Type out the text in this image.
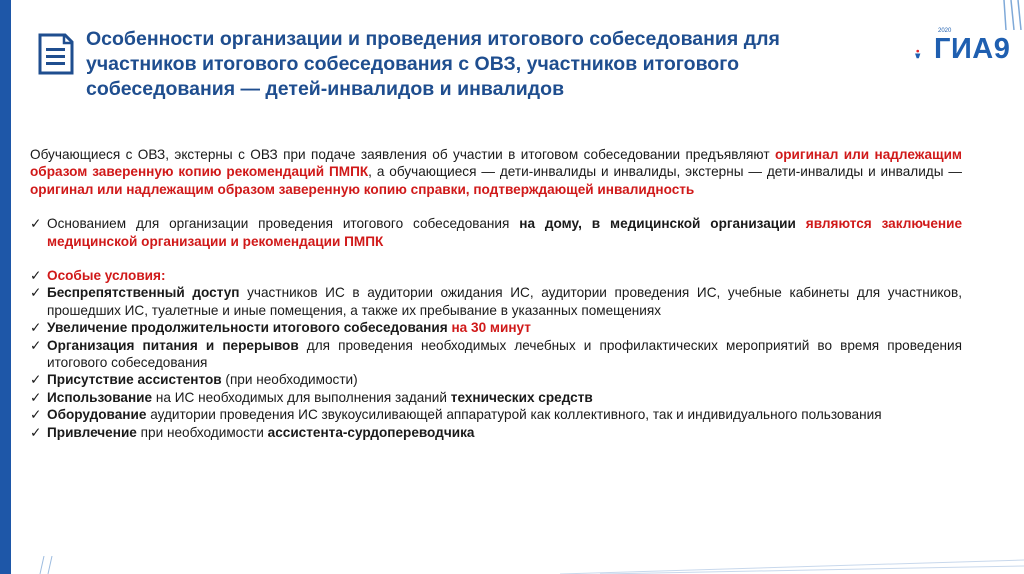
Особенности организации и проведения итогового собеседования для участников итогового собеседования с ОВЗ, участников итогового собеседования — детей-инвалидов и инвалидов
2020
ГИА9

Обучающиеся с ОВЗ, экстерны с ОВЗ при подаче заявления об участии в итоговом собеседовании предъявляют оригинал или надлежащим образом заверенную копию рекомендаций ПМПК, а обучающиеся — дети-инвалиды и инвалиды, экстерны — дети-инвалиды и инвалиды — оригинал или надлежащим образом заверенную копию справки, подтверждающей инвалидность

✓ Основанием для организации проведения итогового собеседования на дому, в медицинской организации являются заключение медицинской организации и рекомендации ПМПК
✓ Особые условия:
✓ Беспрепятственный доступ участников ИС в аудитории ожидания ИС, аудитории проведения ИС, учебные кабинеты для участников, прошедших ИС, туалетные и иные помещения, а также их пребывание в указанных помещениях
✓ Увеличение продолжительности итогового собеседования на 30 минут
✓ Организация питания и перерывов для проведения необходимых лечебных и профилактических мероприятий во время проведения итогового собеседования
✓ Присутствие ассистентов (при необходимости)
✓ Использование на ИС необходимых для выполнения заданий технических средств
✓ Оборудование аудитории проведения ИС звукоусиливающей аппаратурой как коллективного, так и индивидуального пользования
✓ Привлечение при необходимости ассистента-сурдопереводчика
